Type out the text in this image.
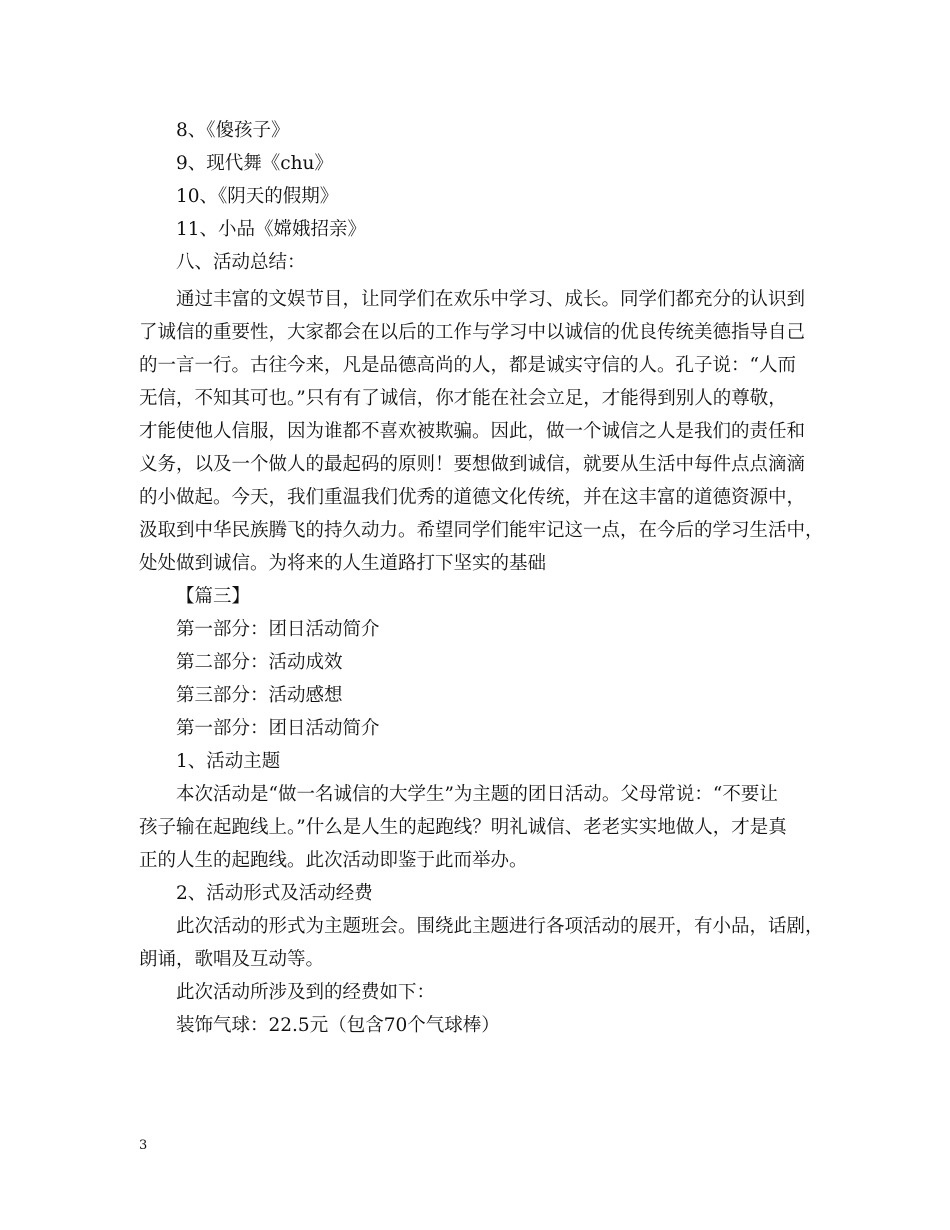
8、《傻孩子》
9、现代舞《chu》
10、《阴天的假期》
11、小品《嫦娥招亲》
八、活动总结：
通过丰富的文娱节目，让同学们在欢乐中学习、成长。同学们都充分的认识到
了诚信的重要性，大家都会在以后的工作与学习中以诚信的优良传统美德指导自己
的一言一行。古往今来，凡是品德高尚的人，都是诚实守信的人。孔子说：“人而
无信，不知其可也。”只有有了诚信，你才能在社会立足，才能得到别人的尊敬，
才能使他人信服，因为谁都不喜欢被欺骗。因此，做一个诚信之人是我们的责任和
义务，以及一个做人的最起码的原则！要想做到诚信，就要从生活中每件点点滴滴
的小做起。今天，我们重温我们优秀的道德文化传统，并在这丰富的道德资源中，
汲取到中华民族腾飞的持久动力。希望同学们能牢记这一点，在今后的学习生活中，
处处做到诚信。为将来的人生道路打下坚实的基础
【篇三】
第一部分：团日活动简介
第二部分：活动成效
第三部分：活动感想
第一部分：团日活动简介
1、活动主题
本次活动是“做一名诚信的大学生”为主题的团日活动。父母常说：“不要让
孩子输在起跑线上。”什么是人生的起跑线？明礼诚信、老老实实地做人，才是真
正的人生的起跑线。此次活动即鉴于此而举办。
2、活动形式及活动经费
此次活动的形式为主题班会。围绕此主题进行各项活动的展开，有小品，话剧，
朗诵，歌唱及互动等。
此次活动所涉及到的经费如下：
装饰气球：22.5元（包含70个气球棒）
3
